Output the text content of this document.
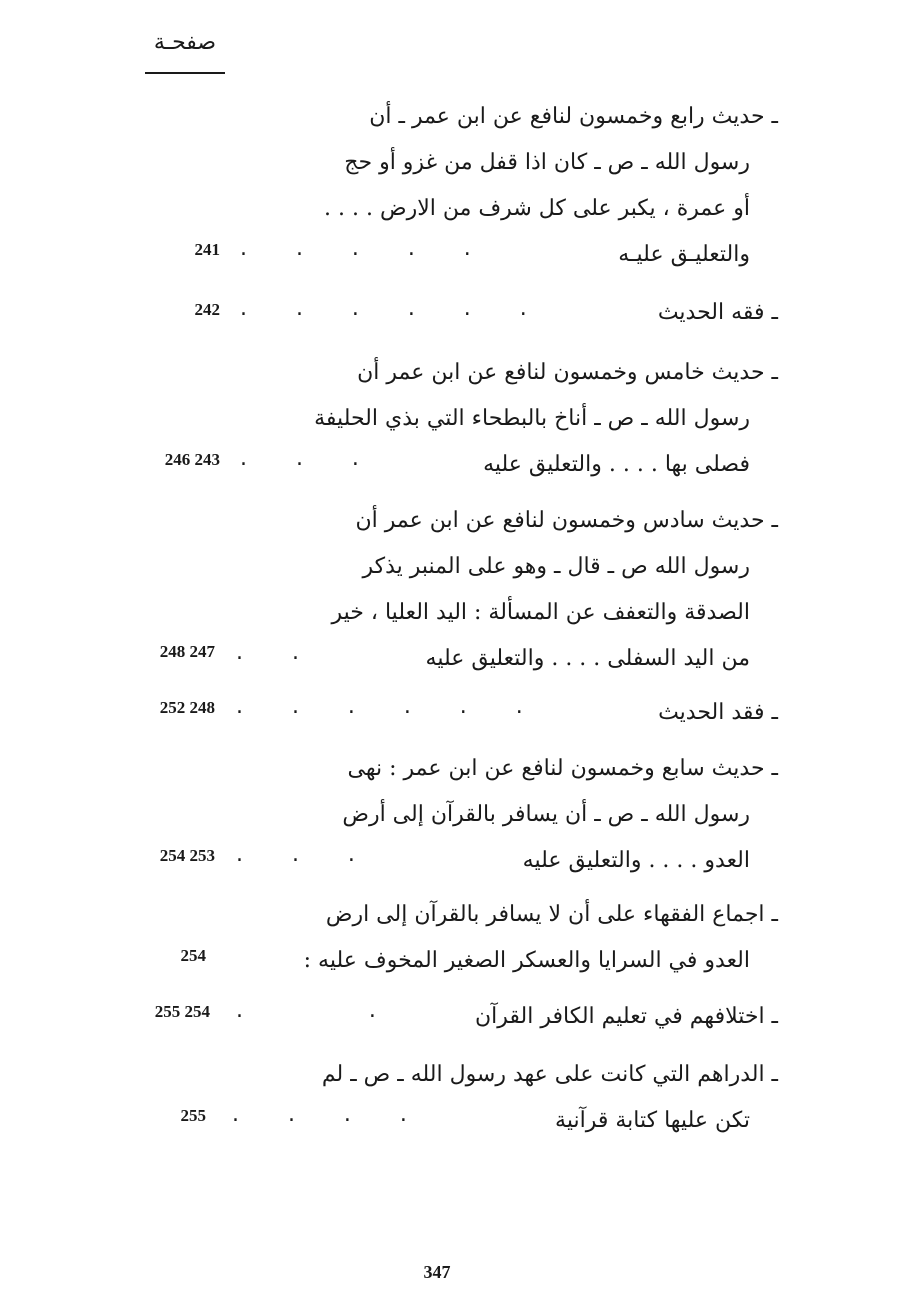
صفحـة
ـ حديث رابع وخمسون لنافع عن ابن عمر ـ أن
رسول الله ـ ص ـ كان اذا قفل من غزو أو حج
أو عمرة ، يكبر على كل شرف من الارض . . . .
والتعليـق عليـه
.       .       .       .       .
241
ـ فقه الحديث
.       .       .       .       .       .
242
ـ حديث خامس وخمسون لنافع عن ابن عمر أن
رسول الله ـ ص ـ أناخ بالبطحاء التي بذي الحليفة
فصلى بها . . . . والتعليق عليه
.       .       .
246 243
ـ حديث سادس وخمسون لنافع عن ابن عمر أن
رسول الله ص ـ قال ـ وهو على المنبر يذكر
الصدقة والتعفف عن المسألة : اليد العليا ، خير
من اليد السفلى . . . . والتعليق عليه
.       .
248 247
ـ فقد الحديث
.       .       .       .       .       .
252 248
ـ حديث سابع وخمسون لنافع عن ابن عمر : نهى
رسول الله ـ ص ـ أن يسافر بالقرآن إلى أرض
العدو . . . . والتعليق عليه
.       .       .
254 253
ـ اجماع الفقهاء على أن لا يسافر بالقرآن إلى ارض
العدو في السرايا والعسكر الصغير المخوف عليه :
254
ـ اختلافهم في تعليم الكافر القرآن
.                  .
255 254
ـ الدراهم التي كانت على عهد رسول الله ـ ص ـ لم
تكن عليها كتابة قرآنية
.       .       .       .
255
347
